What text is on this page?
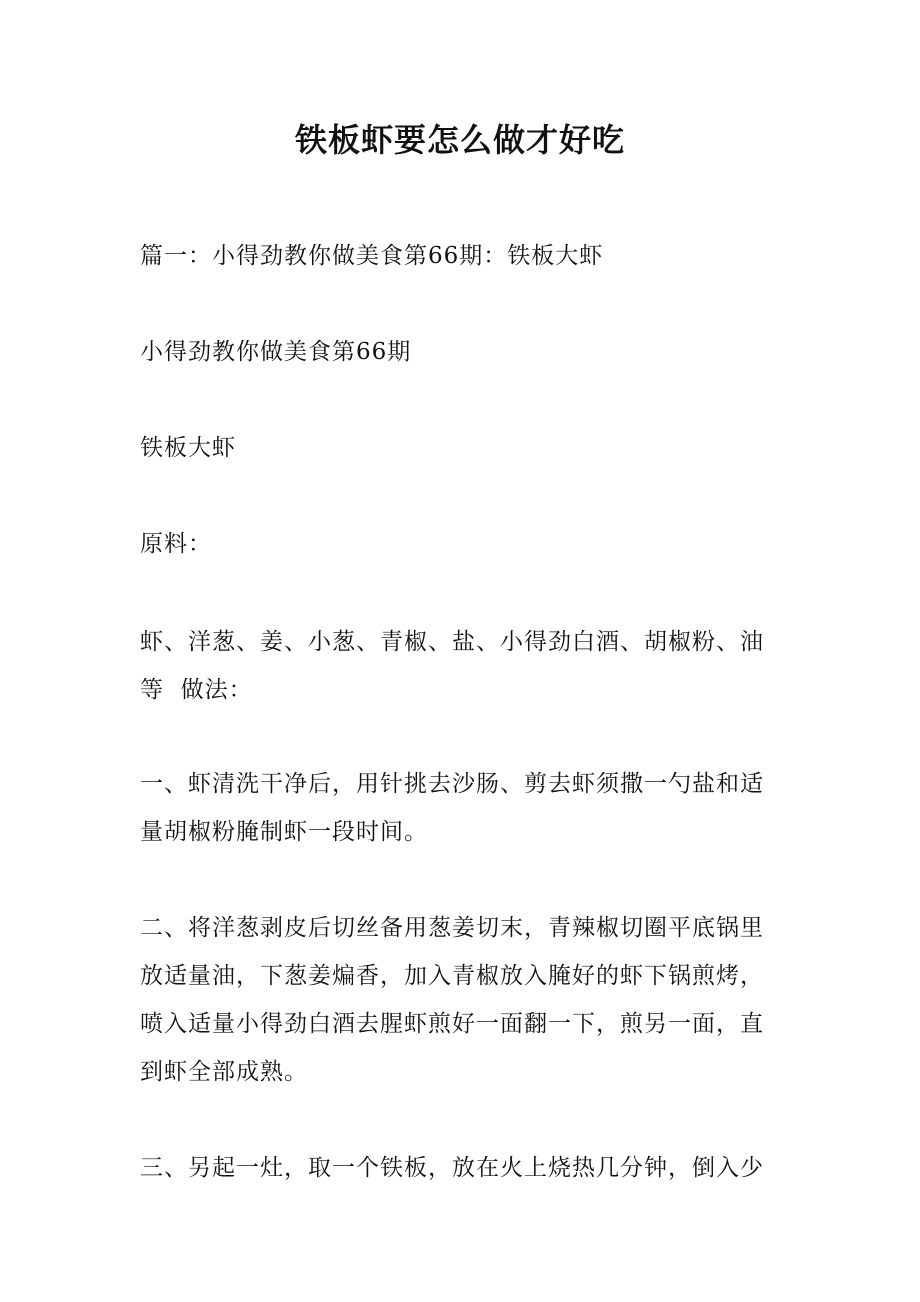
铁板虾要怎么做才好吃

篇一：小得劲教你做美食第66期：铁板大虾

小得劲教你做美食第66期

铁板大虾

原料：

虾、洋葱、姜、小葱、青椒、盐、小得劲白酒、胡椒粉、油
等  做法：

一、虾清洗干净后，用针挑去沙肠、剪去虾须撒一勺盐和适
量胡椒粉腌制虾一段时间。

二、将洋葱剥皮后切丝备用葱姜切末，青辣椒切圈平底锅里
放适量油，下葱姜煸香，加入青椒放入腌好的虾下锅煎烤，
喷入适量小得劲白酒去腥虾煎好一面翻一下，煎另一面，直
到虾全部成熟。

三、另起一灶，取一个铁板，放在火上烧热几分钟，倒入少
